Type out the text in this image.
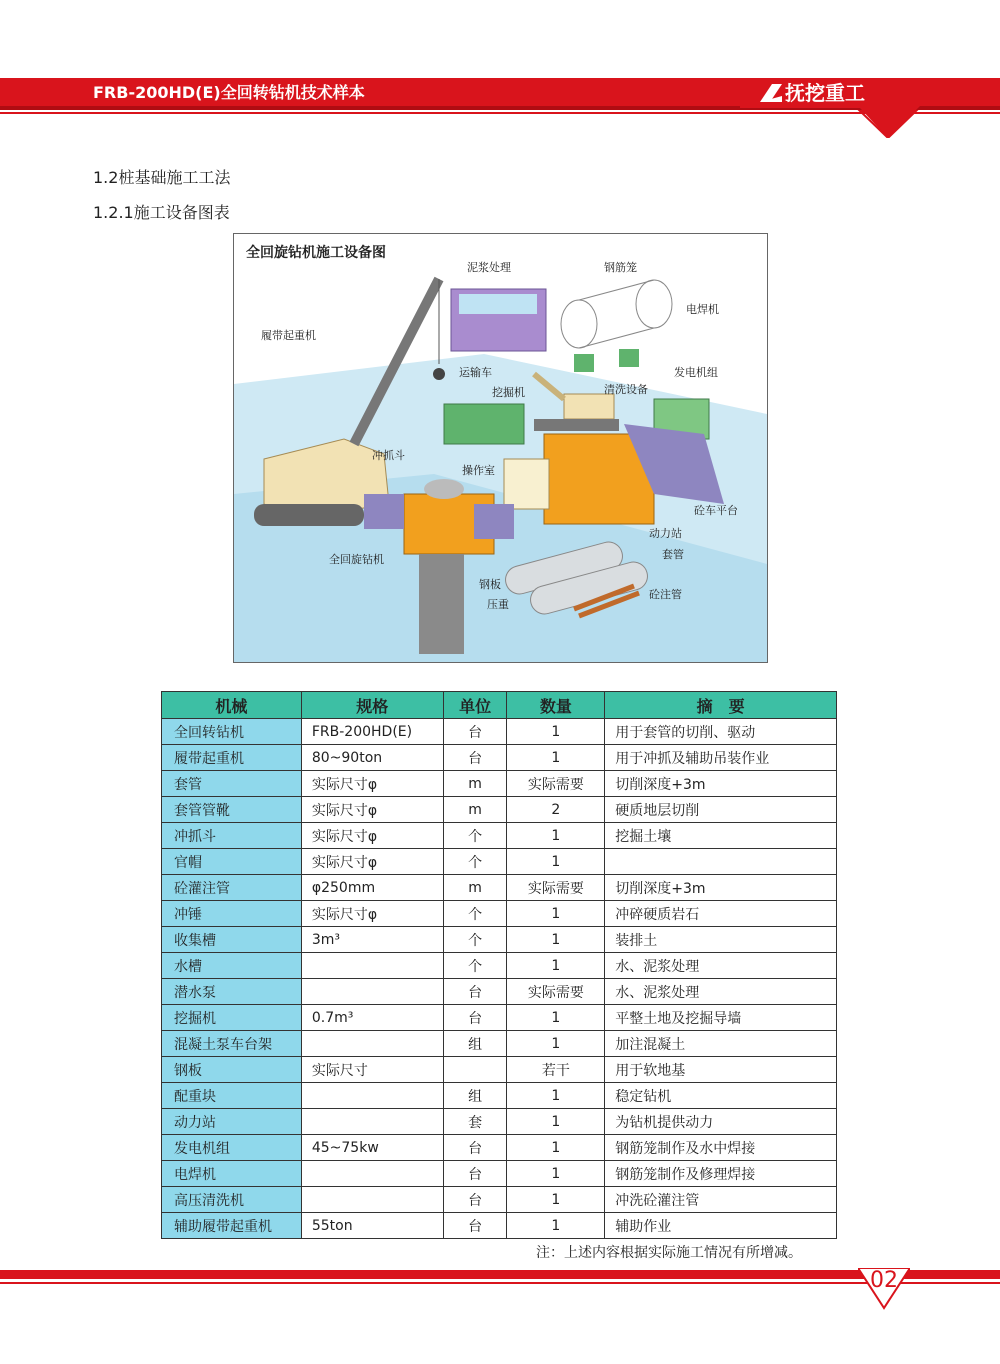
FRB-200HD(E)全回转钻机技术样本	抚挖重工
1.2桩基础施工工法
1.2.1施工设备图表
全回旋钻机施工设备图
履带起重机
泥浆处理	钢筋笼
电焊机
运输车
挖掘机	清洗设备
发电机组
冲抓斗
操作室
砼车平台
动力站
套管
全回旋钻机
钢板
压重
砼注管
机械	规格	单位	数量	摘　要
全回转钻机	FRB-200HD(E)	台	1	用于套管的切削、驱动
履带起重机	80~90ton	台	1	用于冲抓及辅助吊装作业
套管	实际尺寸φ	m	实际需要	切削深度+3m
套管管靴	实际尺寸φ	m	2	硬质地层切削
冲抓斗	实际尺寸φ	个	1	挖掘土壤
官帽	实际尺寸φ	个	1	
砼灌注管	φ250mm	m	实际需要	切削深度+3m
冲锤	实际尺寸φ	个	1	冲碎硬质岩石
收集槽	3m³	个	1	装排土
水槽		个	1	水、泥浆处理
潜水泵		台	实际需要	水、泥浆处理
挖掘机	0.7m³	台	1	平整土地及挖掘导墙
混凝土泵车台架		组	1	加注混凝土
钢板	实际尺寸		若干	用于软地基
配重块		组	1	稳定钻机
动力站		套	1	为钻机提供动力
发电机组	45~75kw	台	1	钢筋笼制作及水中焊接
电焊机		台	1	钢筋笼制作及修理焊接
高压清洗机		台	1	冲洗砼灌注管
辅助履带起重机	55ton	台	1	辅助作业
注：上述内容根据实际施工情况有所增减。
02
